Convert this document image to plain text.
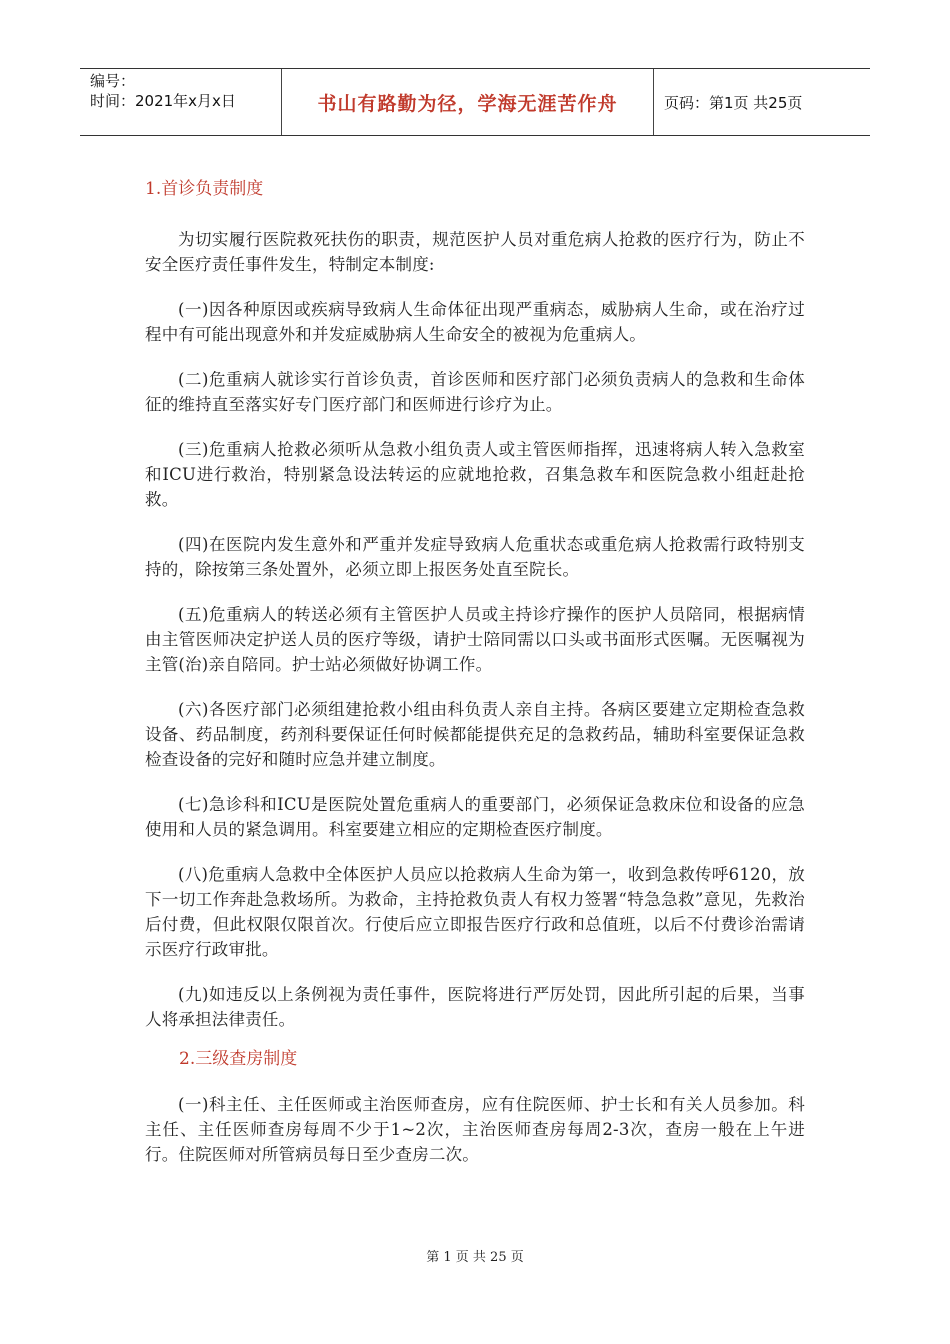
编号：
时间：2021年x月x日	书山有路勤为径，学海无涯苦作舟	页码：第1页 共25页
1.首诊负责制度

为切实履行医院救死扶伤的职责，规范医护人员对重危病人抢救的医疗行为，防止不安全医疗责任事件发生，特制定本制度:

(一)因各种原因或疾病导致病人生命体征出现严重病态，威胁病人生命，或在治疗过程中有可能出现意外和并发症威胁病人生命安全的被视为危重病人。

(二)危重病人就诊实行首诊负责，首诊医师和医疗部门必须负责病人的急救和生命体征的维持直至落实好专门医疗部门和医师进行诊疗为止。

(三)危重病人抢救必须听从急救小组负责人或主管医师指挥，迅速将病人转入急救室和ICU进行救治，特别紧急设法转运的应就地抢救，召集急救车和医院急救小组赶赴抢救。

(四)在医院内发生意外和严重并发症导致病人危重状态或重危病人抢救需行政特别支持的，除按第三条处置外，必须立即上报医务处直至院长。

(五)危重病人的转送必须有主管医护人员或主持诊疗操作的医护人员陪同，根据病情由主管医师决定护送人员的医疗等级，请护士陪同需以口头或书面形式医嘱。无医嘱视为主管(治)亲自陪同。护士站必须做好协调工作。

(六)各医疗部门必须组建抢救小组由科负责人亲自主持。各病区要建立定期检查急救设备、药品制度，药剂科要保证任何时候都能提供充足的急救药品，辅助科室要保证急救检查设备的完好和随时应急并建立制度。

(七)急诊科和ICU是医院处置危重病人的重要部门，必须保证急救床位和设备的应急使用和人员的紧急调用。科室要建立相应的定期检查医疗制度。

(八)危重病人急救中全体医护人员应以抢救病人生命为第一，收到急救传呼6120，放下一切工作奔赴急救场所。为救命，主持抢救负责人有权力签署“特急急救”意见，先救治后付费，但此权限仅限首次。行使后应立即报告医疗行政和总值班，以后不付费诊治需请示医疗行政审批。

(九)如违反以上条例视为责任事件，医院将进行严厉处罚，因此所引起的后果，当事人将承担法律责任。

2.三级查房制度

(一)科主任、主任医师或主治医师查房，应有住院医师、护士长和有关人员参加。科主任、主任医师查房每周不少于1~2次，主治医师查房每周2-3次，查房一般在上午进行。住院医师对所管病员每日至少查房二次。

第 1 页 共 25 页
